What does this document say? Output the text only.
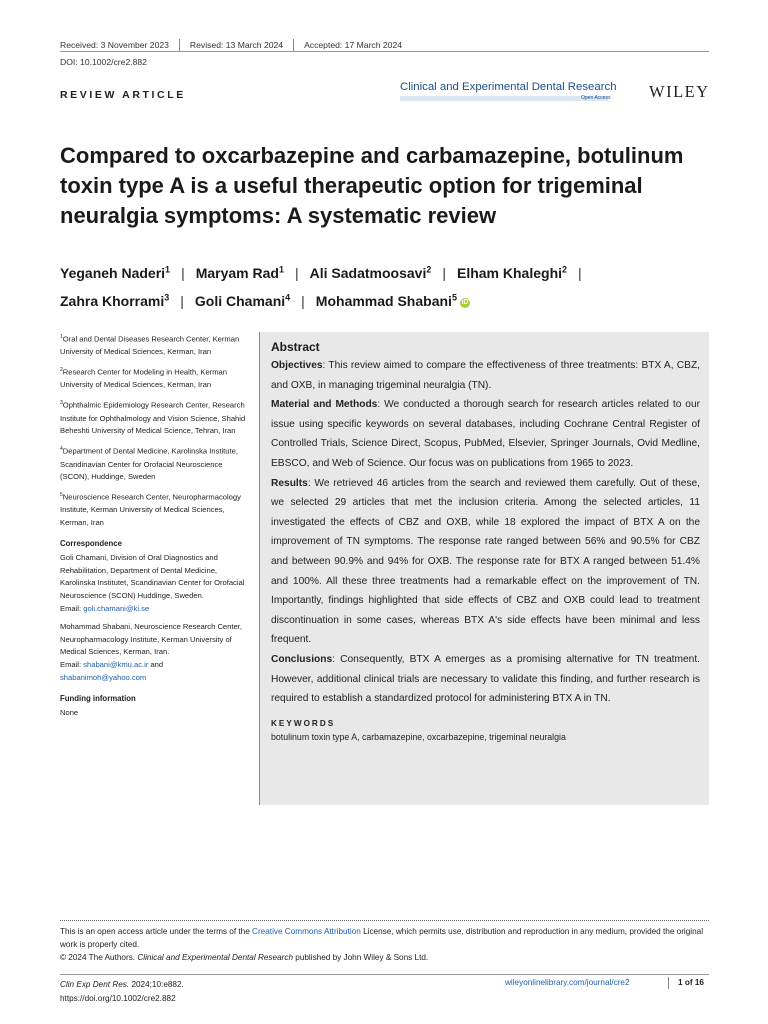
Received: 3 November 2023 Revised: 13 March 2024 Accepted: 17 March 2024
DOI: 10.1002/cre2.882
REVIEW ARTICLE
Clinical and Experimental Dental Research
Open Access WILEY
Compared to oxcarbazepine and carbamazepine, botulinum toxin type A is a useful therapeutic option for trigeminal neuralgia symptoms: A systematic review
Yeganeh Naderi$^1$ | Maryam Rad$^1$ | Ali Sadatmoosavi$^2$ | Elham Khaleghi$^2$ |
Zahra Khorrami$^3$ | Goli Chamani$^4$ | Mohammad Shabani$^5$ iD
$^1$Oral and Dental Diseases Research Center, Kerman University of Medical Sciences, Kerman, Iran
$^2$Research Center for Modeling in Health, Kerman University of Medical Sciences, Kerman, Iran
$^3$Ophthalmic Epidemiology Research Center, Research Institute for Ophthalmology and Vision Science, Shahid Beheshti University of Medical Science, Tehran, Iran
$^4$Department of Dental Medicine, Karolinska Institute, Scandinavian Center for Orofacial Neuroscience (SCON), Huddinge, Sweden
$^5$Neuroscience Research Center, Neuropharmacology Institute, Kerman University of Medical Sciences, Kerman, Iran
Correspondence

Goli Chamani, Division of Oral Diagnostics and Rehabilitation, Department of Dental Medicine, Karolinska Institutet, Scandinavian Center for Orofacial Neuroscience (SCON) Huddinge, Sweden.
Email: goli.chamani@ki.se

Mohammad Shabani, Neuroscience Research Center, Neuropharmacology Institute, Kerman University of Medical Sciences, Kerman, Iran.
Email: shabani@kmu.ac.ir and shabanimoh@yahoo.com

Funding information

None

Abstract
Objectives: This review aimed to compare the effectiveness of three treatments: BTX A, CBZ, and OXB, in managing trigeminal neuralgia (TN).
Material and Methods: We conducted a thorough search for research articles related to our issue using specific keywords on several databases, including Cochrane Central Register of Controlled Trials, Science Direct, Scopus, PubMed, Elsevier, Springer Journals, Ovid Medline, EBSCO, and Web of Science. Our focus was on publications from 1965 to 2023.
Results: We retrieved 46 articles from the search and reviewed them carefully. Out of these, we selected 29 articles that met the inclusion criteria. Among the selected articles, 11 investigated the effects of CBZ and OXB, while 18 explored the impact of BTX A on the improvement of TN symptoms. The response rate ranged between 56% and 90.5% for CBZ and between 90.9% and 94% for OXB. The response rate for BTX A ranged between 51.4% and 100%. All these three treatments had a remarkable effect on the improvement of TN. Importantly, findings highlighted that side effects of CBZ and OXB could lead to treatment discontinuation in some cases, whereas BTX A's side effects have been minimal and less frequent.
Conclusions: Consequently, BTX A emerges as a promising alternative for TN treatment. However, additional clinical trials are necessary to validate this finding, and further research is required to establish a standardized protocol for administering BTX A in TN.
KEYWORDS
botulinum toxin type A, carbamazepine, oxcarbazepine, trigeminal neuralgia
This is an open access article under the terms of the Creative Commons Attribution License, which permits use, distribution and reproduction in any medium, provided the original work is properly cited.
© 2024 The Authors. Clinical and Experimental Dental Research published by John Wiley & Sons Ltd.
Clin Exp Dent Res. 2024;10:e882.
https://doi.org/10.1002/cre2.882
wileyonlinelibrary.com/journal/cre2	1 of 16
